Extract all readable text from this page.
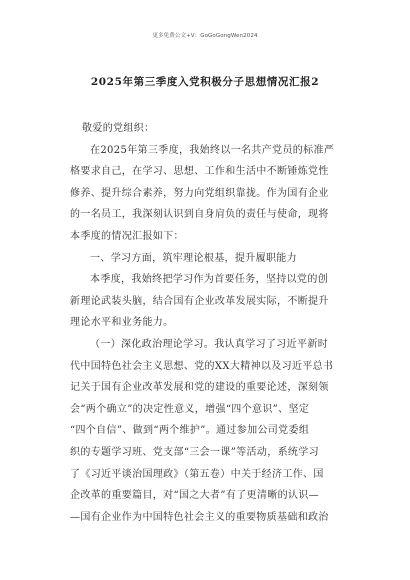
更多免费公文+V：GoGoGongWen2024
2025年第三季度入党积极分子思想情况汇报2
敬爱的党组织：
在2025年第三季度，我始终以一名共产党员的标准严
格要求自己，在学习、思想、工作和生活中不断锤炼党性
修养、提升综合素养，努力向党组织靠拢。作为国有企业
的一名员工，我深刻认识到自身肩负的责任与使命，现将
本季度的情况汇报如下：
一、学习方面，筑牢理论根基，提升履职能力
本季度，我始终把学习作为首要任务，坚持以党的创
新理论武装头脑，结合国有企业改革发展实际，不断提升
理论水平和业务能力。
（一）深化政治理论学习。我认真学习了习近平新时
代中国特色社会主义思想、党的XX大精神以及习近平总书
记关于国有企业改革发展和党的建设的重要论述，深刻领
会“两个确立”的决定性意义，增强“四个意识”、坚定
“四个自信”、做到“两个维护”。通过参加公司党委组
织的专题学习班、党支部“三会一课”等活动，系统学习
了《习近平谈治国理政》（第五卷）中关于经济工作、国
企改革的重要篇目，对“国之大者”有了更清晰的认识—
—国有企业作为中国特色社会主义的重要物质基础和政治
